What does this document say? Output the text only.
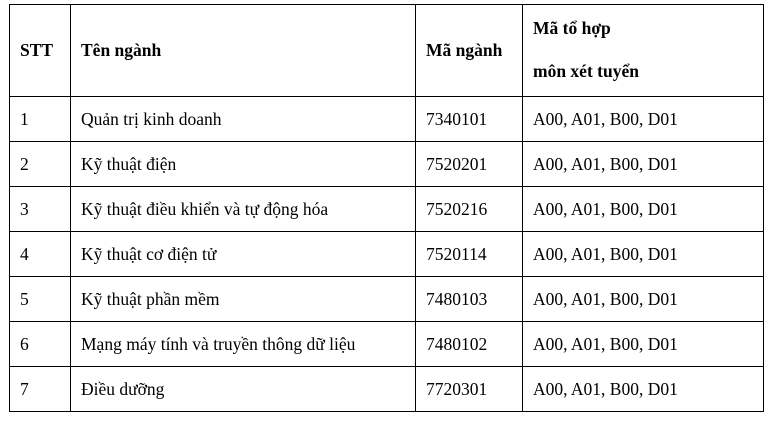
STT	Tên ngành	Mã ngành	Mã tổ hợp
môn xét tuyển

1	Quản trị kinh doanh	7340101	A00, A01, B00, D01
2	Kỹ thuật điện	7520201	A00, A01, B00, D01
3	Kỹ thuật điều khiển và tự động hóa	7520216	A00, A01, B00, D01
4	Kỹ thuật cơ điện tử	7520114	A00, A01, B00, D01
5	Kỹ thuật phần mềm	7480103	A00, A01, B00, D01
6	Mạng máy tính và truyền thông dữ liệu	7480102	A00, A01, B00, D01
7	Điều dưỡng	7720301	A00, A01, B00, D01
